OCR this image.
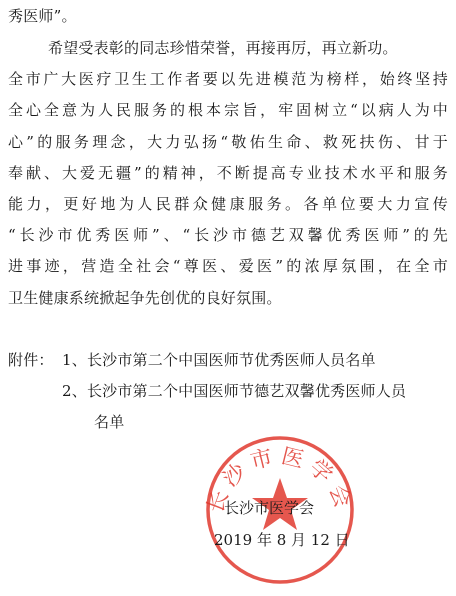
秀医师”。
希望受表彰的同志珍惜荣誉，再接再厉，再立新功。
全市广大医疗卫生工作者要以先进模范为榜样，始终坚持
全心全意为人民服务的根本宗旨，牢固树立“以病人为中
心”的服务理念，大力弘扬“敬佑生命、救死扶伤、甘于
奉献、大爱无疆”的精神，不断提高专业技术水平和服务
能力，更好地为人民群众健康服务。各单位要大力宣传
“长沙市优秀医师”、“长沙市德艺双馨优秀医师”的先
进事迹，营造全社会“尊医、爱医”的浓厚氛围，在全市
卫生健康系统掀起争先创优的良好氛围。
附件： 1、长沙市第二个中国医师节优秀医师人员名单
2、长沙市第二个中国医师节德艺双馨优秀医师人员
名单
长沙市医学会
长沙市医学会
2019 年 8 月 12 日
